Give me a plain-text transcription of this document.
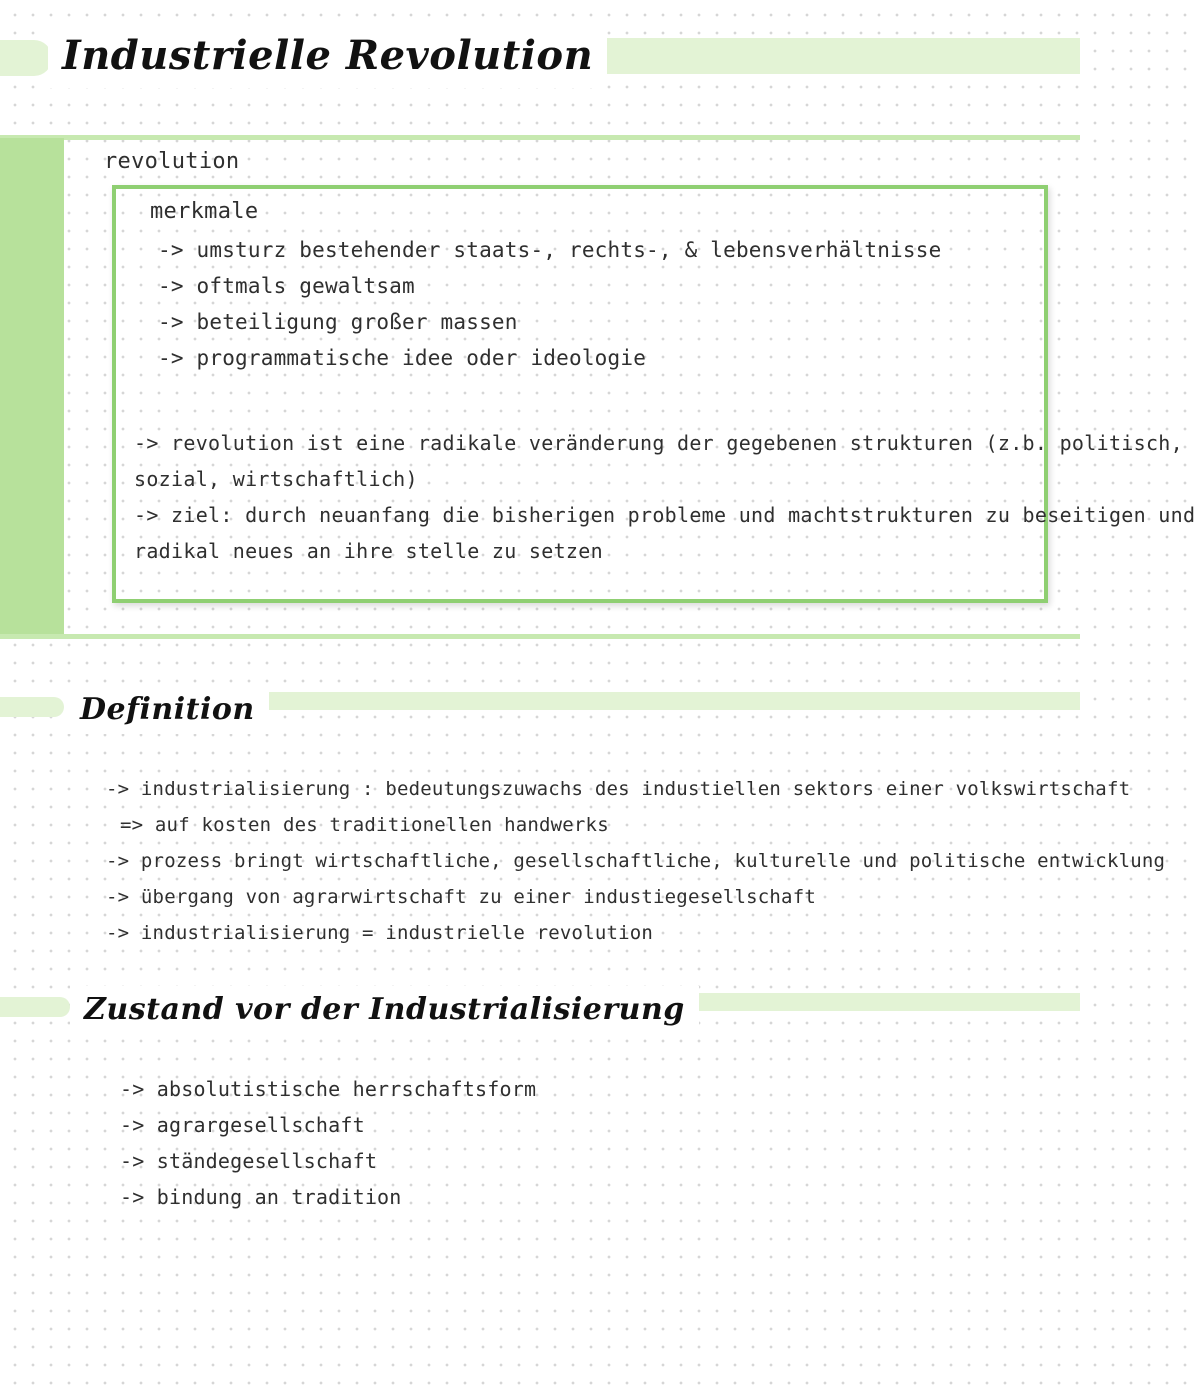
Industrielle Revolution
revolution
merkmale
-> umsturz bestehender staats-, rechts-, & lebensverhältnisse
-> oftmals gewaltsam
-> beteiligung großer massen
-> programmatische idee oder ideologie
-> revolution ist eine radikale veränderung der gegebenen strukturen (z.b. politisch,
sozial, wirtschaftlich)
-> ziel: durch neuanfang die bisherigen probleme und machtstrukturen zu beseitigen und
radikal neues an ihre stelle zu setzen
Definition
-> industrialisierung : bedeutungszuwachs des industiellen sektors einer volkswirtschaft
=> auf kosten des traditionellen handwerks
-> prozess bringt wirtschaftliche, gesellschaftliche, kulturelle und politische entwicklung
-> übergang von agrarwirtschaft zu einer industiegesellschaft
-> industrialisierung = industrielle revolution
Zustand vor der Industrialisierung
-> absolutistische herrschaftsform
-> agrargesellschaft
-> ständegesellschaft
-> bindung an tradition
